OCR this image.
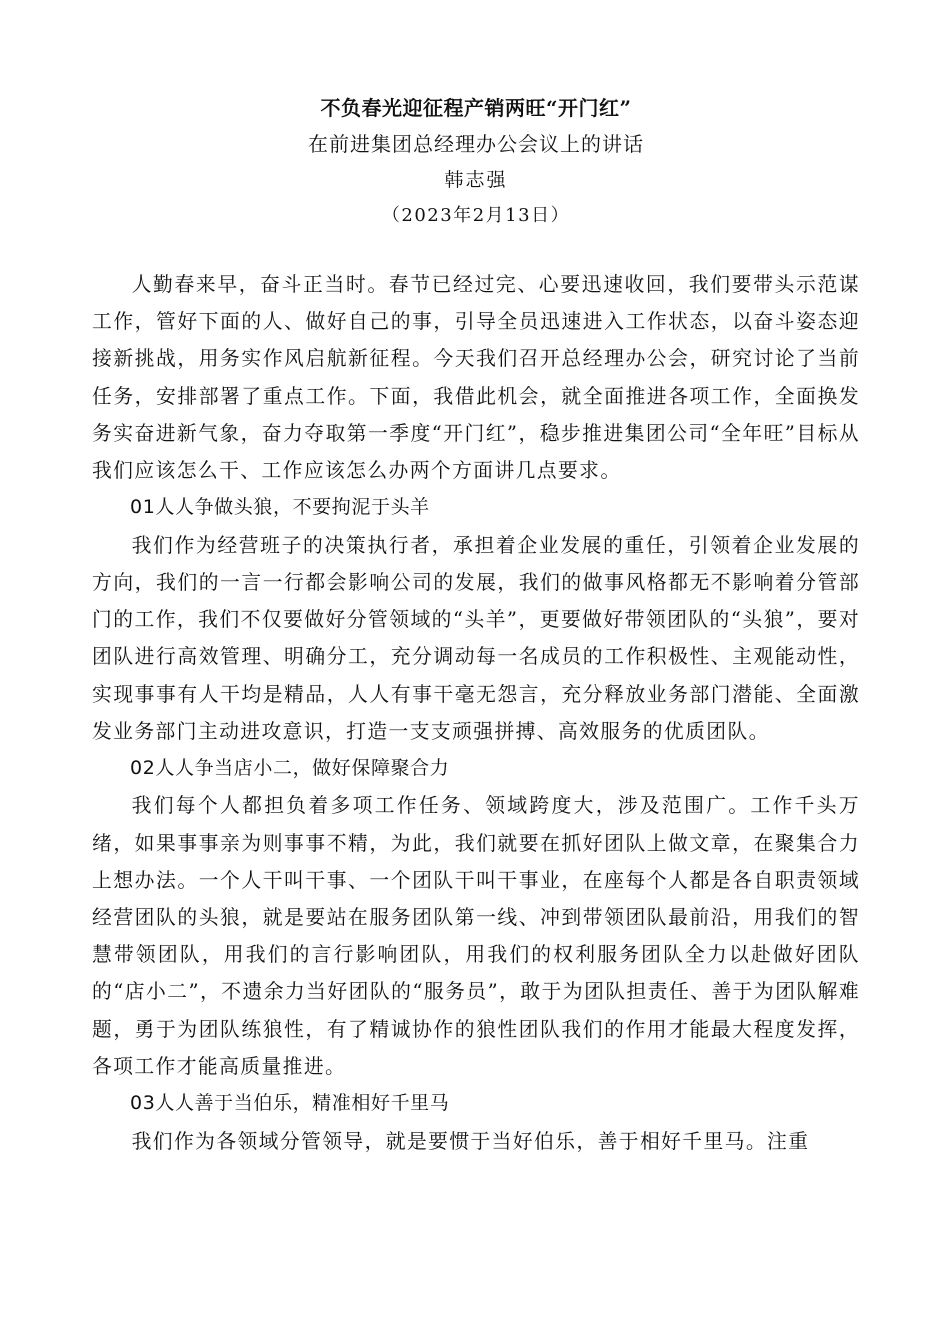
不负春光迎征程产销两旺“开门红”

在前进集团总经理办公会议上的讲话

韩志强

（2023年2月13日）

人勤春来早，奋斗正当时。春节已经过完、心要迅速收回，我们要带头示范谋工作，管好下面的人、做好自己的事，引导全员迅速进入工作状态，以奋斗姿态迎接新挑战，用务实作风启航新征程。今天我们召开总经理办公会，研究讨论了当前任务，安排部署了重点工作。下面，我借此机会，就全面推进各项工作，全面换发务实奋进新气象，奋力夺取第一季度“开门红”，稳步推进集团公司“全年旺”目标从我们应该怎么干、工作应该怎么办两个方面讲几点要求。

01人人争做头狼，不要拘泥于头羊

我们作为经营班子的决策执行者，承担着企业发展的重任，引领着企业发展的方向，我们的一言一行都会影响公司的发展，我们的做事风格都无不影响着分管部门的工作，我们不仅要做好分管领域的“头羊”，更要做好带领团队的“头狼”，要对团队进行高效管理、明确分工，充分调动每一名成员的工作积极性、主观能动性，实现事事有人干均是精品，人人有事干毫无怨言，充分释放业务部门潜能、全面激发业务部门主动进攻意识，打造一支支顽强拼搏、高效服务的优质团队。

02人人争当店小二，做好保障聚合力

我们每个人都担负着多项工作任务、领域跨度大，涉及范围广。工作千头万绪，如果事事亲为则事事不精，为此，我们就要在抓好团队上做文章，在聚集合力上想办法。一个人干叫干事、一个团队干叫干事业，在座每个人都是各自职责领域经营团队的头狼，就是要站在服务团队第一线、冲到带领团队最前沿，用我们的智慧带领团队，用我们的言行影响团队，用我们的权利服务团队全力以赴做好团队的“店小二”，不遗余力当好团队的“服务员”，敢于为团队担责任、善于为团队解难题，勇于为团队练狼性，有了精诚协作的狼性团队我们的作用才能最大程度发挥，各项工作才能高质量推进。

03人人善于当伯乐，精准相好千里马

我们作为各领域分管领导，就是要惯于当好伯乐，善于相好千里马。注重
